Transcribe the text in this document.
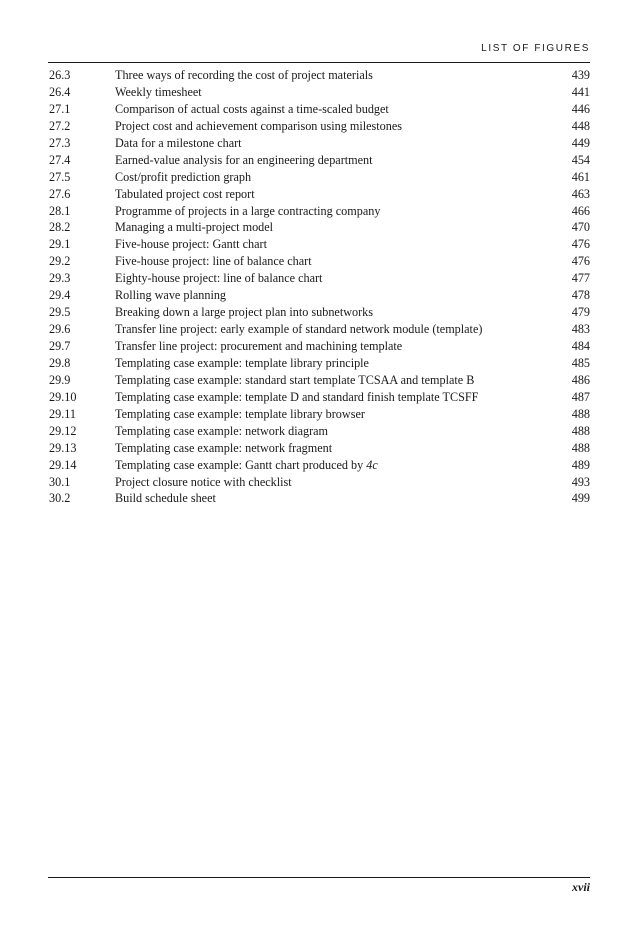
LIST OF FIGURES
26.3	Three ways of recording the cost of project materials	439
26.4	Weekly timesheet	441
27.1	Comparison of actual costs against a time-scaled budget	446
27.2	Project cost and achievement comparison using milestones	448
27.3	Data for a milestone chart	449
27.4	Earned-value analysis for an engineering department	454
27.5	Cost/profit prediction graph	461
27.6	Tabulated project cost report	463
28.1	Programme of projects in a large contracting company	466
28.2	Managing a multi-project model	470
29.1	Five-house project: Gantt chart	476
29.2	Five-house project: line of balance chart	476
29.3	Eighty-house project: line of balance chart	477
29.4	Rolling wave planning	478
29.5	Breaking down a large project plan into subnetworks	479
29.6	Transfer line project: early example of standard network module (template)	483
29.7	Transfer line project: procurement and machining template	484
29.8	Templating case example: template library principle	485
29.9	Templating case example: standard start template TCSAA and template B	486
29.10	Templating case example: template D and standard finish template TCSFF	487
29.11	Templating case example: template library browser	488
29.12	Templating case example: network diagram	488
29.13	Templating case example: network fragment	488
29.14	Templating case example: Gantt chart produced by 4c	489
30.1	Project closure notice with checklist	493
30.2	Build schedule sheet	499
xvii
